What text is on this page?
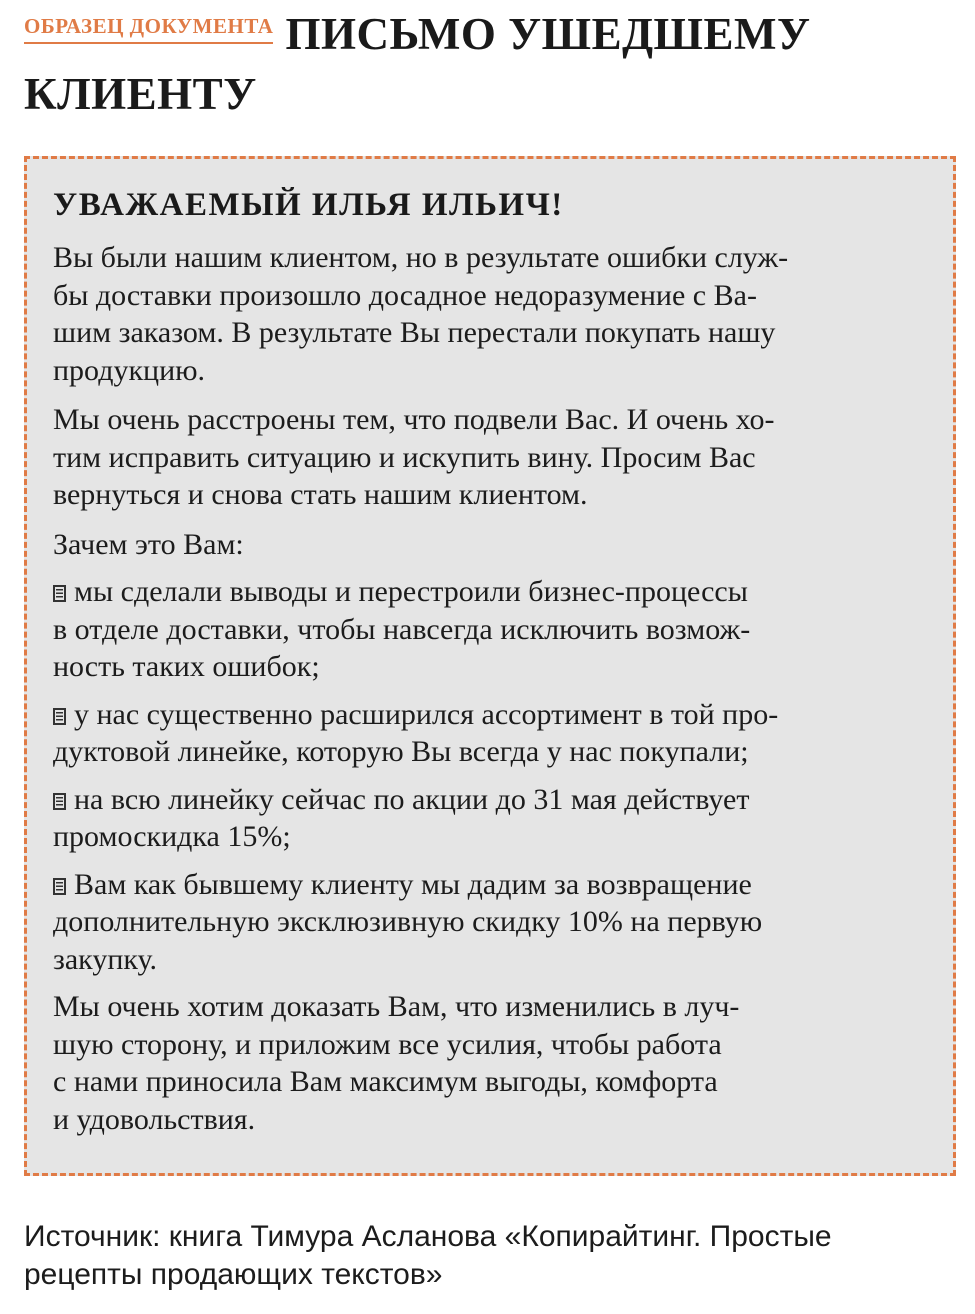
ОБРАЗЕЦ ДОКУМЕНТА ПИСЬМО УШЕДШЕМУ
КЛИЕНТУ
УВАЖАЕМЫЙ ИЛЬЯ ИЛЬИЧ!

Вы были нашим клиентом, но в результате ошибки служ-
бы доставки произошло досадное недоразумение с Ва-
шим заказом. В результате Вы перестали покупать нашу
продукцию.

Мы очень расстроены тем, что подвели Вас. И очень хо-
тим исправить ситуацию и искупить вину. Просим Вас
вернуться и снова стать нашим клиентом.

Зачем это Вам:

мы сделали выводы и перестроили бизнес-процессы
в отделе доставки, чтобы навсегда исключить возмож-
ность таких ошибок;
у нас существенно расширился ассортимент в той про-
дуктовой линейке, которую Вы всегда у нас покупали;
на всю линейку сейчас по акции до 31 мая действует
промоскидка 15%;
Вам как бывшему клиенту мы дадим за возвращение
дополнительную эксклюзивную скидку 10% на первую
закупку.

Мы очень хотим доказать Вам, что изменились в луч-
шую сторону, и приложим все усилия, чтобы работа
с нами приносила Вам максимум выгоды, комфорта
и удовольствия.

Источник: книга Тимура Асланова «Копирайтинг. Простые
рецепты продающих текстов»
